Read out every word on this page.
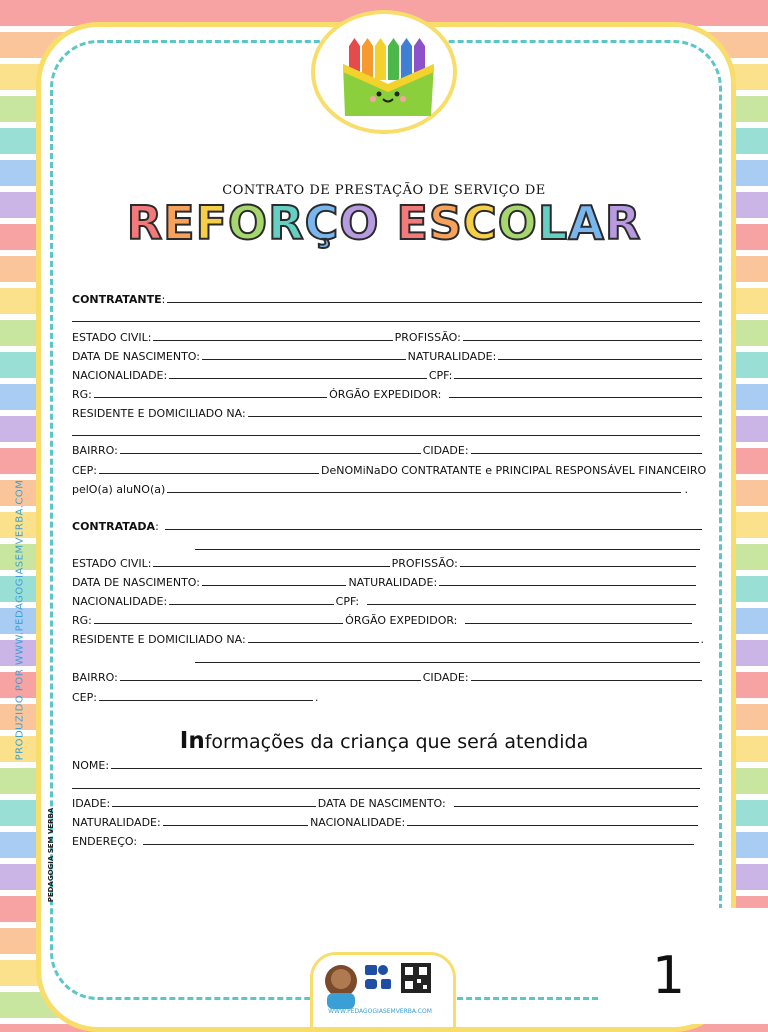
PRODUZIDO POR WWW.PEDAGOGIASEMVERBA.COM
PEDAGOGIA SEM VERBA
CONTRATO DE PRESTAÇÃO DE SERVIÇO DE
REFORÇO ESCOLAR
CONTRATANTE :
ESTADO CIVIL:	PROFISSÃO:
DATA DE NASCIMENTO:	NATURALIDADE:
NACIONALIDADE:	CPF:
RG:	ÓRGÃO EXPEDIDOR:
RESIDENTE E DOMICILIADO NA:
BAIRRO:	CIDADE:
CEP:	DeNOMiNaDO CONTRATANTE e PRINCIPAL RESPONSÁVEL FINANCEIRO
pelO(a) aluNO(a)	.
CONTRATADA :
ESTADO CIVIL:	PROFISSÃO:
DATA DE NASCIMENTO:	NATURALIDADE:
NACIONALIDADE:	CPF:
RG:	ÓRGÃO EXPEDIDOR:
RESIDENTE E DOMICILIADO NA:	.
BAIRRO:	CIDADE:
CEP:	.
Informações da criança que será atendida
NOME:
IDADE:	DATA DE NASCIMENTO:
NATURALIDADE:	NACIONALIDADE:
ENDEREÇO:
WWW.PEDAGOGIASEMVERBA.COM
1
